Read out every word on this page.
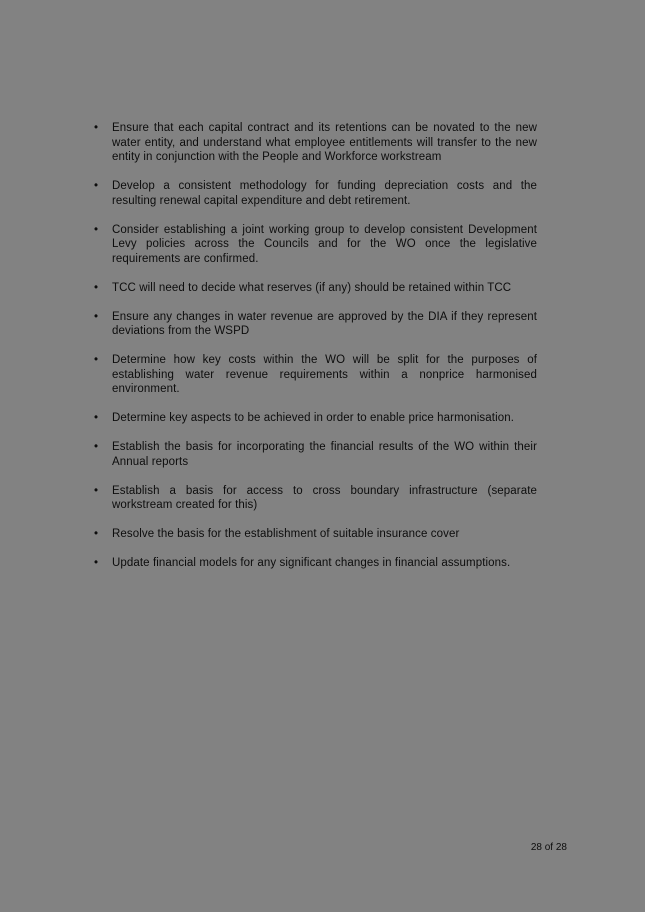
• Ensure that each capital contract and its retentions can be novated to the new water entity, and understand what employee entitlements will transfer to the new entity in conjunction with the People and Workforce workstream
• Develop a consistent methodology for funding depreciation costs and the resulting renewal capital expenditure and debt retirement.
• Consider establishing a joint working group to develop consistent Development Levy policies across the Councils and for the WO once the legislative requirements are confirmed.
• TCC will need to decide what reserves (if any) should be retained within TCC
• Ensure any changes in water revenue are approved by the DIA if they represent deviations from the WSPD
• Determine how key costs within the WO will be split for the purposes of establishing water revenue requirements within a nonprice harmonised environment.
• Determine key aspects to be achieved in order to enable price harmonisation.
• Establish the basis for incorporating the financial results of the WO within their Annual reports
• Establish a basis for access to cross boundary infrastructure (separate workstream created for this)
• Resolve the basis for the establishment of suitable insurance cover
• Update financial models for any significant changes in financial assumptions.
28 of 28
